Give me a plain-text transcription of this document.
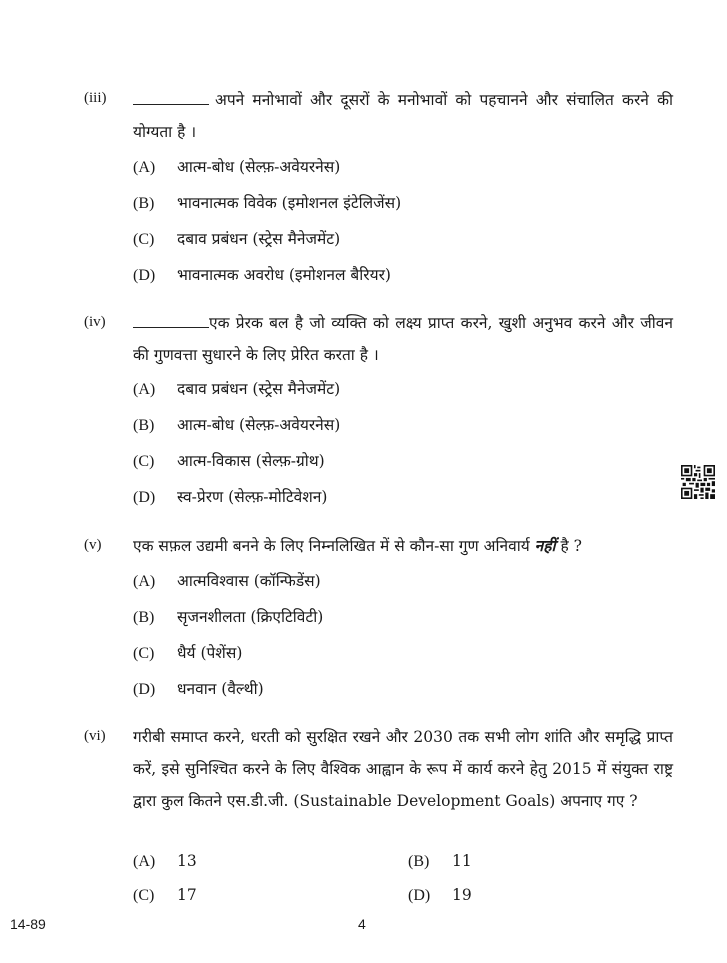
(iii)	अपने मनोभावों और दूसरों के मनोभावों को पहचानने और संचालित करने की योग्यता है ।
(A) आत्म-बोध (सेल्फ़-अवेयरनेस)
(B) भावनात्मक विवेक (इमोशनल इंटेलिजेंस)
(C) दबाव प्रबंधन (स्ट्रेस मैनेजमेंट)
(D) भावनात्मक अवरोध (इमोशनल बैरियर)
(iv)	एक प्रेरक बल है जो व्यक्ति को लक्ष्य प्राप्त करने, खुशी अनुभव करने और जीवन की गुणवत्ता सुधारने के लिए प्रेरित करता है ।
(A) दबाव प्रबंधन (स्ट्रेस मैनेजमेंट)
(B) आत्म-बोध (सेल्फ़-अवेयरनेस)
(C) आत्म-विकास (सेल्फ़-ग्रोथ)
(D) स्व-प्रेरण (सेल्फ़-मोटिवेशन)
(v) एक सफ़ल उद्यमी बनने के लिए निम्नलिखित में से कौन-सा गुण अनिवार्य नहीं है ?
(A) आत्मविश्वास (कॉन्फिडेंस)
(B) सृजनशीलता (क्रिएटिविटी)
(C) धैर्य (पेशेंस)
(D) धनवान (वैल्थी)
(vi) गरीबी समाप्त करने, धरती को सुरक्षित रखने और 2030 तक सभी लोग शांति और समृद्धि प्राप्त करें, इसे सुनिश्चित करने के लिए वैश्विक आह्वान के रूप में कार्य करने हेतु 2015 में संयुक्त राष्ट्र द्वारा कुल कितने एस.डी.जी. (Sustainable Development Goals) अपनाए गए ?
(A) 13	(B) 11
(C) 17	(D) 19
14-89	4
